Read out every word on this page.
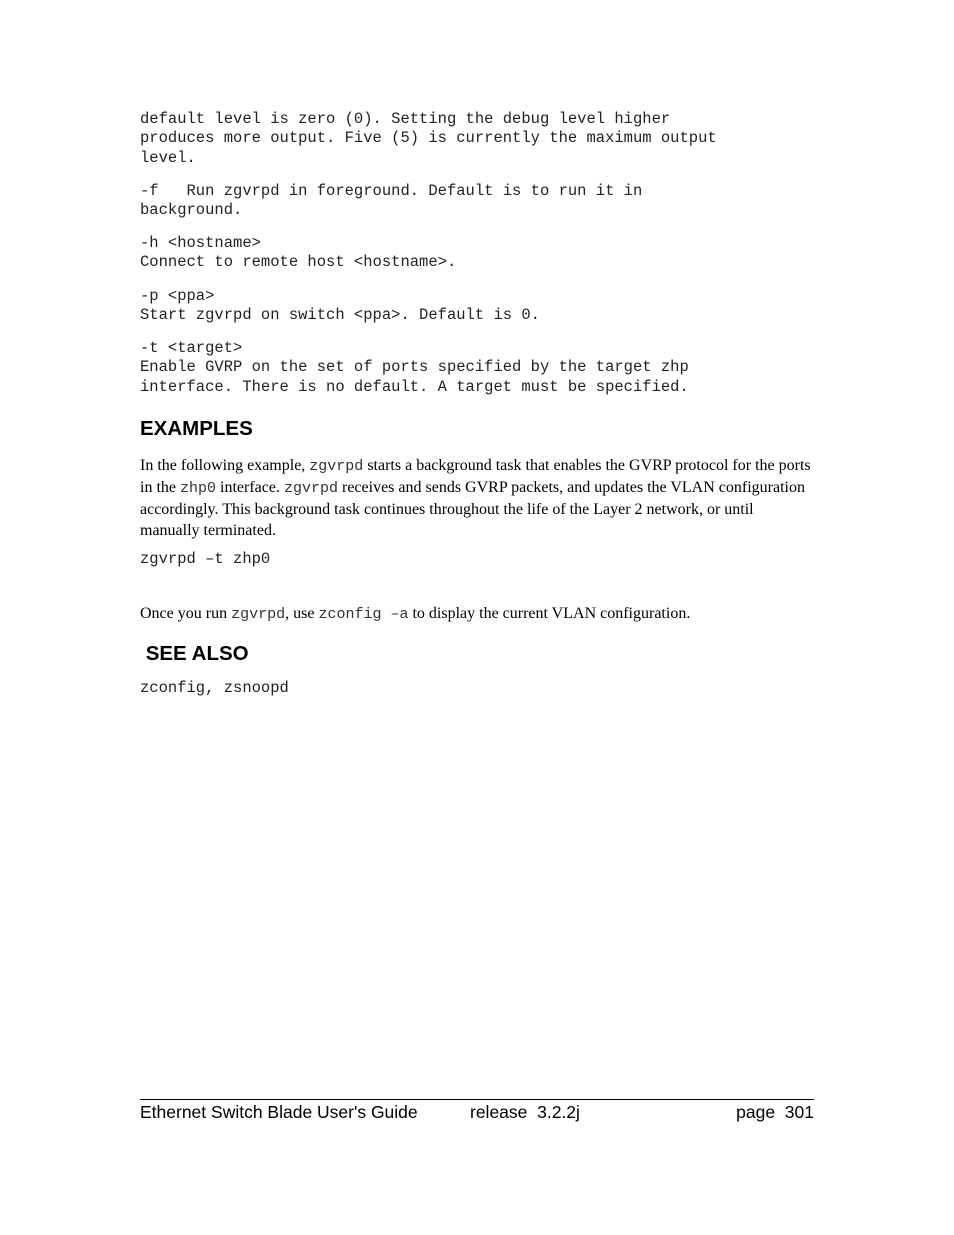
default level is zero (0). Setting the debug level higher

produces more output. Five (5) is currently the maximum output

level.

-f   Run zgvrpd in foreground. Default is to run it in

background.

-h <hostname>

Connect to remote host <hostname>.

-p <ppa>

Start zgvrpd on switch <ppa>. Default is 0.

-t <target>

Enable GVRP on the set of ports specified by the target zhp

interface. There is no default. A target must be specified.

EXAMPLES

In the following example, zgvrpd starts a background task that enables the GVRP protocol for the ports in the zhp0 interface. zgvrpd receives and sends GVRP packets, and updates the VLAN configuration accordingly. This background task continues throughout the life of the Layer 2 network, or until manually terminated.

zgvrpd –t zhp0

Once you run zgvrpd, use zconfig –a to display the current VLAN configuration.

SEE ALSO

zconfig, zsnoopd

Ethernet Switch Blade User's Guide	release  3.2.2j	page  301
